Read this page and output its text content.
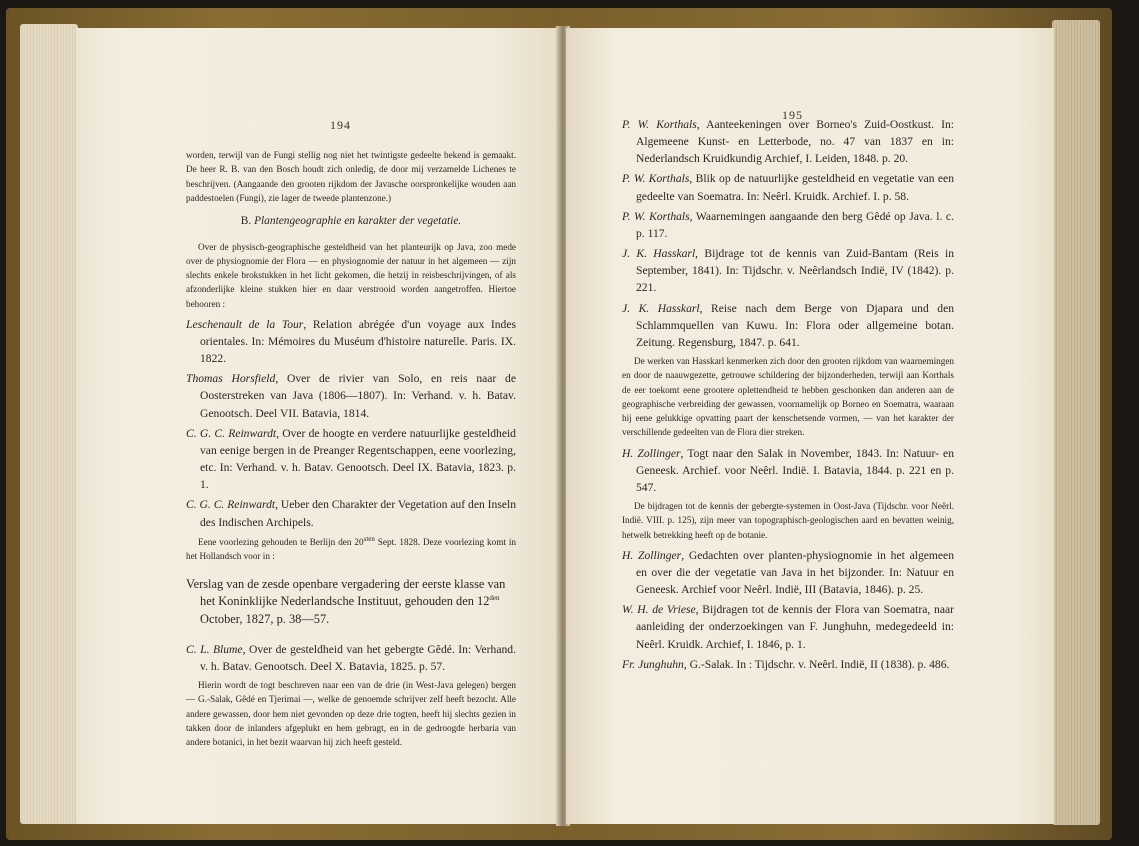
194

worden, terwijl van de Fungi stellig nog niet het twintigste gedeelte bekend is gemaakt. De heer R. B. van den Bosch houdt zich onledig, de door mij verzamelde Lichenes te beschrijven. (Aangaande den grooten rijkdom der Javasche oorspronkelijke wouden aan paddestoelen (Fungi), zie lager de tweede plantenzone.)

B. Plantengeographie en karakter der vegetatie.

Over de physisch-geographische gesteldheid van het planteurijk op Java, zoo mede over de physiognomie der Flora — en physiognomie der natuur in het algemeen — zijn slechts enkele brokstukken in het licht gekomen, die hetzij in reisbeschrijvingen, of als afzonderlijke kleine stukken hier en daar verstrooid worden aangetroffen. Hiertoe behooren :

Leschenault de la Tour, Relation abrégée d'un voyage aux Indes orientales. In: Mémoires du Muséum d'histoire naturelle. Paris. IX. 1822.

Thomas Horsfield, Over de rivier van Solo, en reis naar de Oosterstreken van Java (1806—1807). In: Verhand. v. h. Batav. Genootsch. Deel VII. Batavia, 1814.

C. G. C. Reinwardt, Over de hoogte en verdere natuurlijke gesteldheid van eenige bergen in de Preanger Regentschappen, eene voorlezing, etc. In: Verhand. v. h. Batav. Genootsch. Deel IX. Batavia, 1823. p. 1.

C. G. C. Reinwardt, Ueber den Charakter der Vegetation auf den Inseln des Indischen Archipels.

Eene voorlezing gehouden te Berlijn den $20^{sten}$ Sept. 1828. Deze voorlezing komt in het Hollandsch voor in :

Verslag van de zesde openbare vergadering der eerste klasse van het Koninklijke Nederlandsche Instituut, gehouden den $12^{den}$ October, 1827, p. 38—57.

C. L. Blume, Over de gesteldheid van het gebergte Gêdé. In: Verhand. v. h. Batav. Genootsch. Deel X. Batavia, 1825. p. 57.

Hierin wordt de togt beschreven naar een van de drie (in West-Java gelegen) bergen — G.-Salak, Gêdé en Tjerimai —, welke de genoemde schrijver zelf heeft bezocht. Alle andere gewassen, door hem niet gevonden op deze drie togten, heeft hij slechts gezien in takken door de inlanders afgeplukt en hem gebragt, en in de gedroogde herbaria van andere botanici, in het bezit waarvan hij zich heeft gesteld.

195

P. W. Korthals, Aanteekeningen over Borneo's Zuid-Oostkust. In: Algemeene Kunst- en Letterbode, no. 47 van 1837 en in: Nederlandsch Kruidkundig Archief, I. Leiden, 1848. p. 20.

P. W. Korthals, Blik op de natuurlijke gesteldheid en vegetatie van een gedeelte van Soematra. In: Neêrl. Kruidk. Archief. I. p. 58.

P. W. Korthals, Waarnemingen aangaande den berg Gêdé op Java. l. c. p. 117.

J. K. Hasskarl, Bijdrage tot de kennis van Zuid-Bantam (Reis in September, 1841). In: Tijdschr. v. Neêrlandsch Indië, IV (1842). p. 221.

J. K. Hasskarl, Reise nach dem Berge von Djapara und den Schlammquellen van Kuwu. In: Flora oder allgemeine botan. Zeitung. Regensburg, 1847. p. 641.

De werken van Hasskarl kenmerken zich door den grooten rijkdom van waarnemingen en door de naauwgezette, getrouwe schildering der bijzonderheden, terwijl aan Korthals de eer toekomt eene grootere oplettendheid te hebben geschonken dan anderen aan de geographische verbreiding der gewassen, voornamelijk op Borneo en Soematra, waaraan hij eene gelukkige opvatting paart der kenschetsende vormen, — van het karakter der verschillende gedeelten van de Flora dier streken.

H. Zollinger, Togt naar den Salak in November, 1843. In: Natuur- en Geneesk. Archief. voor Neêrl. Indië. I. Batavia, 1844. p. 221 en p. 547.

De bijdragen tot de kennis der gebergte-systemen in Oost-Java (Tijdschr. voor Neêrl. Indië. VIII. p. 125), zijn meer van topographisch-geologischen aard en bevatten weinig, hetwelk betrekking heeft op de botanie.

H. Zollinger, Gedachten over planten-physiognomie in het algemeen en over die der vegetatie van Java in het bijzonder. In: Natuur en Geneesk. Archief voor Neêrl. Indië, III (Batavia, 1846). p. 25.

W. H. de Vriese, Bijdragen tot de kennis der Flora van Soematra, naar aanleiding der onderzoekingen van F. Junghuhn, medegedeeld in: Neêrl. Kruidk. Archief, I. 1846, p. 1.

Fr. Junghuhn, G.-Salak. In : Tijdschr. v. Neêrl. Indië, II (1838). p. 486.
